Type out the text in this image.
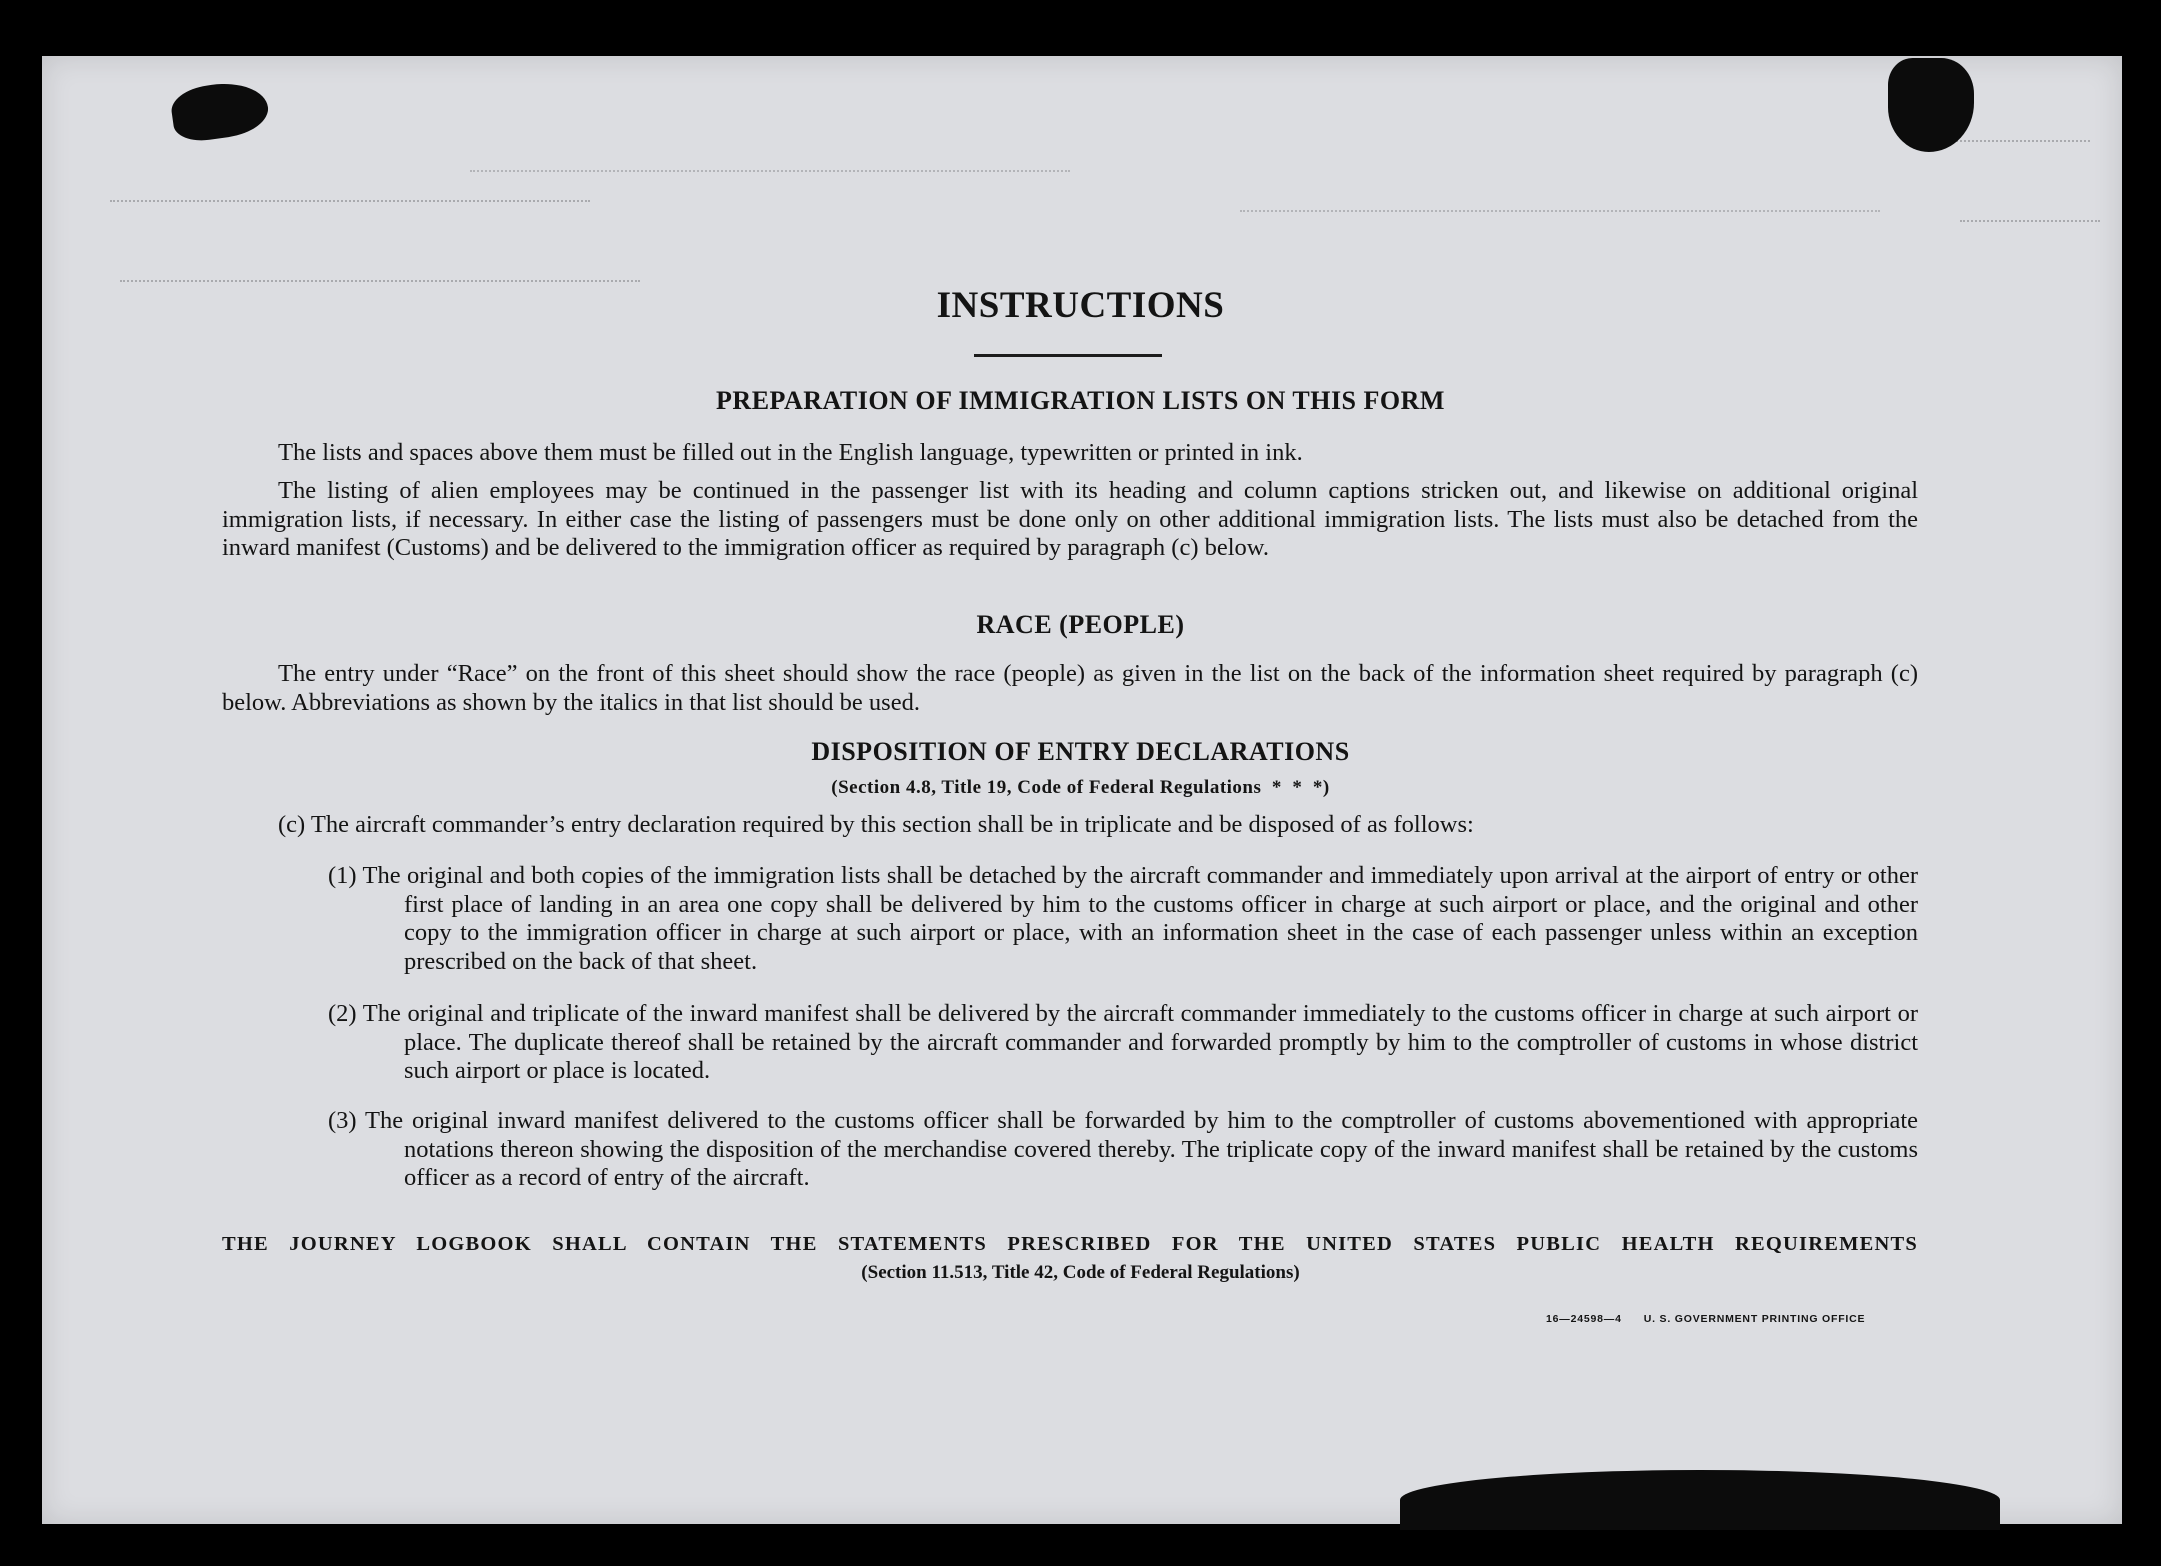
INSTRUCTIONS
PREPARATION OF IMMIGRATION LISTS ON THIS FORM

The lists and spaces above them must be filled out in the English language, typewritten or printed in ink.

The listing of alien employees may be continued in the passenger list with its heading and column captions stricken out, and likewise on additional original immigration lists, if necessary. In either case the listing of passengers must be done only on other additional immigration lists. The lists must also be detached from the inward manifest (Customs) and be delivered to the immigration officer as required by paragraph (c) below.

RACE (PEOPLE)

The entry under “Race” on the front of this sheet should show the race (people) as given in the list on the back of the information sheet required by paragraph (c) below. Abbreviations as shown by the italics in that list should be used.

DISPOSITION OF ENTRY DECLARATIONS

(Section 4.8, Title 19, Code of Federal Regulations  *  *  *)

(c) The aircraft commander’s entry declaration required by this section shall be in triplicate and be disposed of as follows:

(1) The original and both copies of the immigration lists shall be detached by the aircraft commander and immediately upon arrival at the airport of entry or other first place of landing in an area one copy shall be delivered by him to the customs officer in charge at such airport or place, and the original and other copy to the immigration officer in charge at such airport or place, with an information sheet in the case of each passenger unless within an exception prescribed on the back of that sheet.

(2) The original and triplicate of the inward manifest shall be delivered by the aircraft commander immediately to the customs officer in charge at such airport or place. The duplicate thereof shall be retained by the aircraft commander and forwarded promptly by him to the comptroller of customs in whose district such airport or place is located.

(3) The original inward manifest delivered to the customs officer shall be forwarded by him to the comptroller of customs abovementioned with appropriate notations thereon showing the disposition of the merchandise covered thereby. The triplicate copy of the inward manifest shall be retained by the customs officer as a record of entry of the aircraft.

THE JOURNEY LOGBOOK SHALL CONTAIN THE STATEMENTS PRESCRIBED FOR THE UNITED STATES PUBLIC HEALTH REQUIREMENTS

(Section 11.513, Title 42, Code of Federal Regulations)

16—24598—4 U. S. GOVERNMENT PRINTING OFFICE
